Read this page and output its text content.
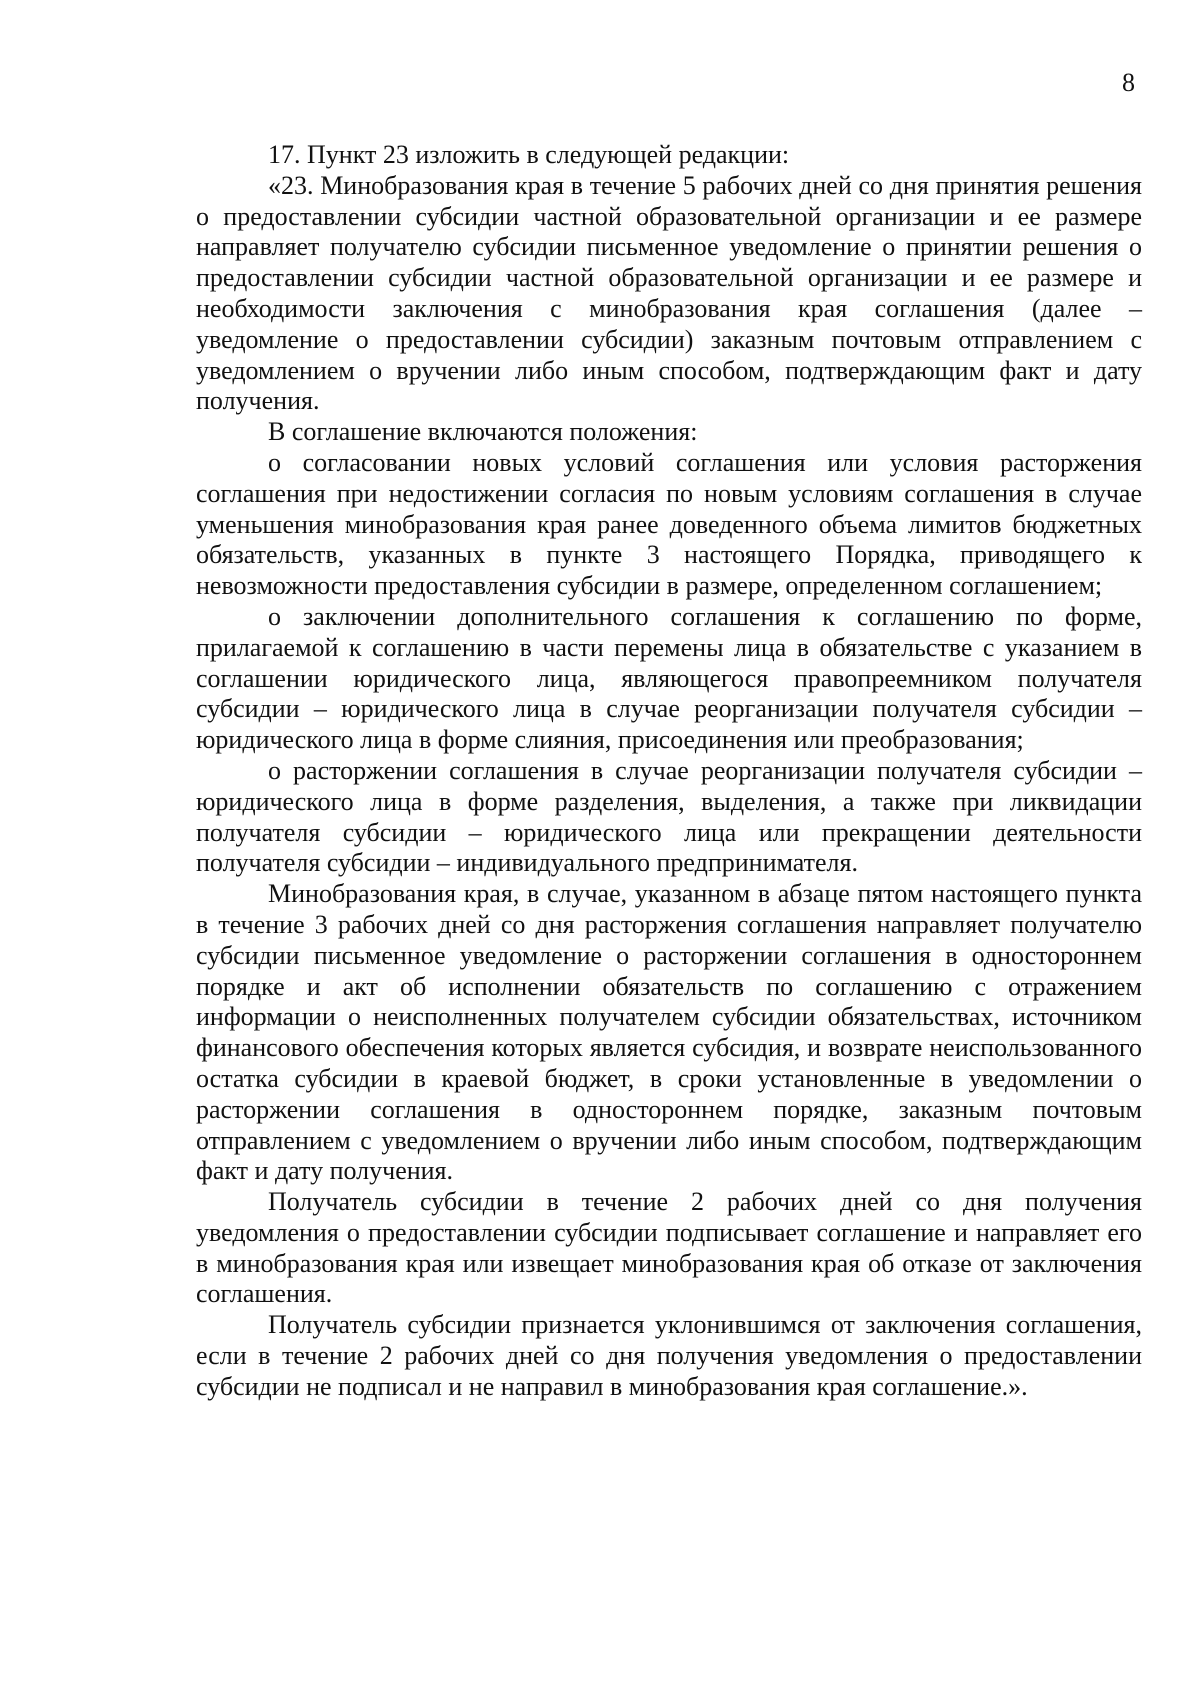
8

17. Пункт 23 изложить в следующей редакции:

«23. Минобразования края в течение 5 рабочих дней со дня принятия решения о предоставлении субсидии частной образовательной организации и ее размере направляет получателю субсидии письменное уведомление о принятии решения о предоставлении субсидии частной образовательной организации и ее размере и необходимости заключения с минобразования края соглашения (далее – уведомление о предоставлении субсидии) заказным почтовым отправлением с уведомлением о вручении либо иным способом, подтверждающим факт и дату получения.

В соглашение включаются положения:

о согласовании новых условий соглашения или условия расторжения соглашения при недостижении согласия по новым условиям соглашения в случае уменьшения минобразования края ранее доведенного объема лимитов бюджетных обязательств, указанных в пункте 3 настоящего Порядка, приводящего к невозможности предоставления субсидии в размере, определенном соглашением;

о заключении дополнительного соглашения к соглашению по форме, прилагаемой к соглашению в части перемены лица в обязательстве с указанием в соглашении юридического лица, являющегося правопреемником получателя субсидии – юридического лица в случае реорганизации получателя субсидии – юридического лица в форме слияния, присоединения или преобразования;

о расторжении соглашения в случае реорганизации получателя субсидии – юридического лица в форме разделения, выделения, а также при ликвидации получателя субсидии – юридического лица или прекращении деятельности получателя субсидии – индивидуального предпринимателя.

Минобразования края, в случае, указанном в абзаце пятом настоящего пункта в течение 3 рабочих дней со дня расторжения соглашения направляет получателю субсидии письменное уведомление о расторжении соглашения в одностороннем порядке и акт об исполнении обязательств по соглашению с отражением информации о неисполненных получателем субсидии обязательствах, источником финансового обеспечения которых является субсидия, и возврате неиспользованного остатка субсидии в краевой бюджет, в сроки установленные в уведомлении о расторжении соглашения в одностороннем порядке, заказным почтовым отправлением с уведомлением о вручении либо иным способом, подтверждающим факт и дату получения.

Получатель субсидии в течение 2 рабочих дней со дня получения уведомления о предоставлении субсидии подписывает соглашение и направляет его в минобразования края или извещает минобразования края об отказе от заключения соглашения.

Получатель субсидии признается уклонившимся от заключения соглашения, если в течение 2 рабочих дней со дня получения уведомления о предоставлении субсидии не подписал и не направил в минобразования края соглашение.».
